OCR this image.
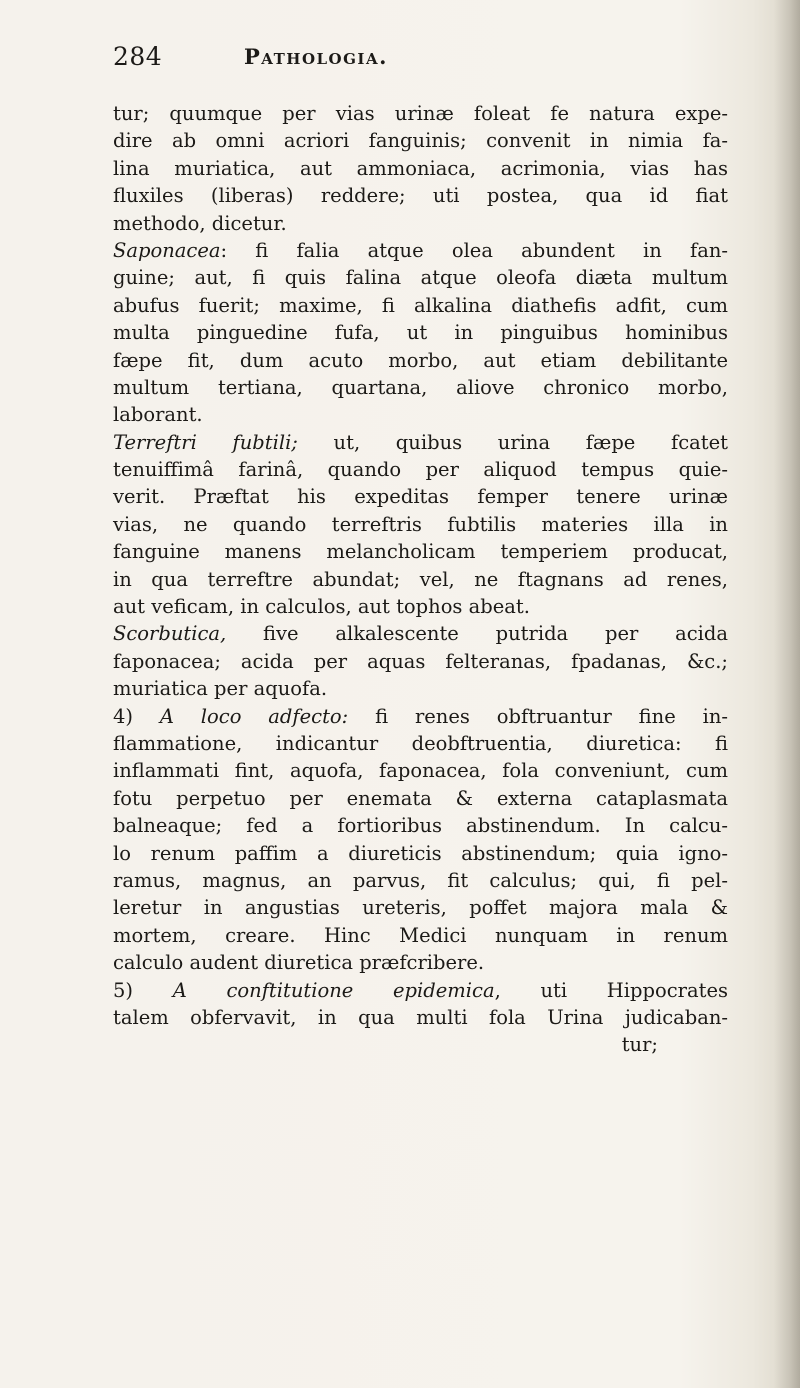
284	Pathologia.
tur; quumque per vias urinæ foleat fe natura expe-
dire ab omni acriori fanguinis; convenit in nimia fa-
lina muriatica, aut ammoniaca, acrimonia, vias has
fluxiles (liberas) reddere; uti postea, qua id fiat
methodo, dicetur.
Saponacea: fi falia atque olea abundent in fan-
guine; aut, fi quis falina atque oleofa diæta multum
abufus fuerit; maxime, fi alkalina diathefis adfit, cum
multa pinguedine fufa, ut in pinguibus hominibus
fæpe fit, dum acuto morbo, aut etiam debilitante
multum tertiana, quartana, aliove chronico morbo,
laborant.
Terreftri fubtili; ut, quibus urina fæpe fcatet
tenuiffimâ farinâ, quando per aliquod tempus quie-
verit. Præftat his expeditas femper tenere urinæ
vias, ne quando terreftris fubtilis materies illa in
fanguine manens melancholicam temperiem producat,
in qua terreftre abundat; vel, ne ftagnans ad renes,
aut veficam, in calculos, aut tophos abeat.
Scorbutica, five alkalescente putrida per acida
faponacea; acida per aquas felteranas, fpadanas, &c.;
muriatica per aquofa.
4) A loco adfecto: fi renes obftruantur fine in-
flammatione, indicantur deobftruentia, diuretica: fi
inflammati fint, aquofa, faponacea, fola conveniunt, cum
fotu perpetuo per enemata & externa cataplasmata
balneaque; fed a fortioribus abstinendum. In calcu-
lo renum paffim a diureticis abstinendum; quia igno-
ramus, magnus, an parvus, fit calculus; qui, fi pel-
leretur in angustias ureteris, poffet majora mala &
mortem, creare. Hinc Medici nunquam in renum
calculo audent diuretica præfcribere.
5) A conftitutione epidemica, uti Hippocrates
talem obfervavit, in qua multi fola Urina judicaban-
tur;
